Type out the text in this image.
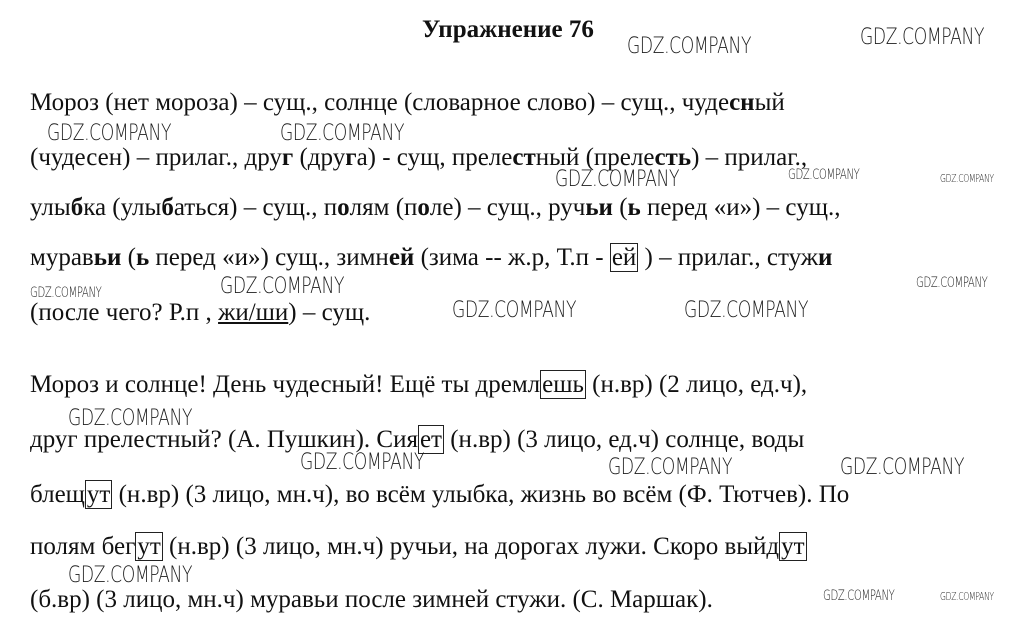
Упражнение 76
Мороз (нет мороза) – сущ., солнце (словарное слово) – сущ., чудесный
(чудесен) – прилаг., друг (друга) - сущ, прелестный (прелесть) – прилаг.,
улыбка (улыбаться) – сущ., полям (поле) – сущ., ручьи (ь перед «и») – сущ.,
муравьи (ь перед «и») сущ., зимней (зима -- ж.р, Т.п - ей ) – прилаг., стужи
(после чего? Р.п , жи/ши) – сущ.
Мороз и солнце! День чудесный! Ещё ты дремлешь (н.вр) (2 лицо, ед.ч),
друг прелестный? (А. Пушкин). Сияет (н.вр) (3 лицо, ед.ч) солнце, воды
блещут (н.вр) (3 лицо, мн.ч), во всём улыбка, жизнь во всём (Ф. Тютчев). По
полям бегут (н.вр) (3 лицо, мн.ч) ручьи, на дорогах лужи. Скоро выйдут
(б.вр) (3 лицо, мн.ч) муравьи после зимней стужи. (С. Маршак).
GDZ.COMPANY	GDZ.COMPANY
GDZ.COMPANY	GDZ.COMPANY
GDZ.COMPANY	GDZ.COMPANY	GDZ.COMPANY
GDZ.COMPANY
GDZ.COMPANY
GDZ.COMPANY
GDZ.COMPANY	GDZ.COMPANY
GDZ.COMPANY
GDZ.COMPANY	GDZ.COMPANY	GDZ.COMPANY
GDZ.COMPANY
GDZ.COMPANY	GDZ.COMPANY
